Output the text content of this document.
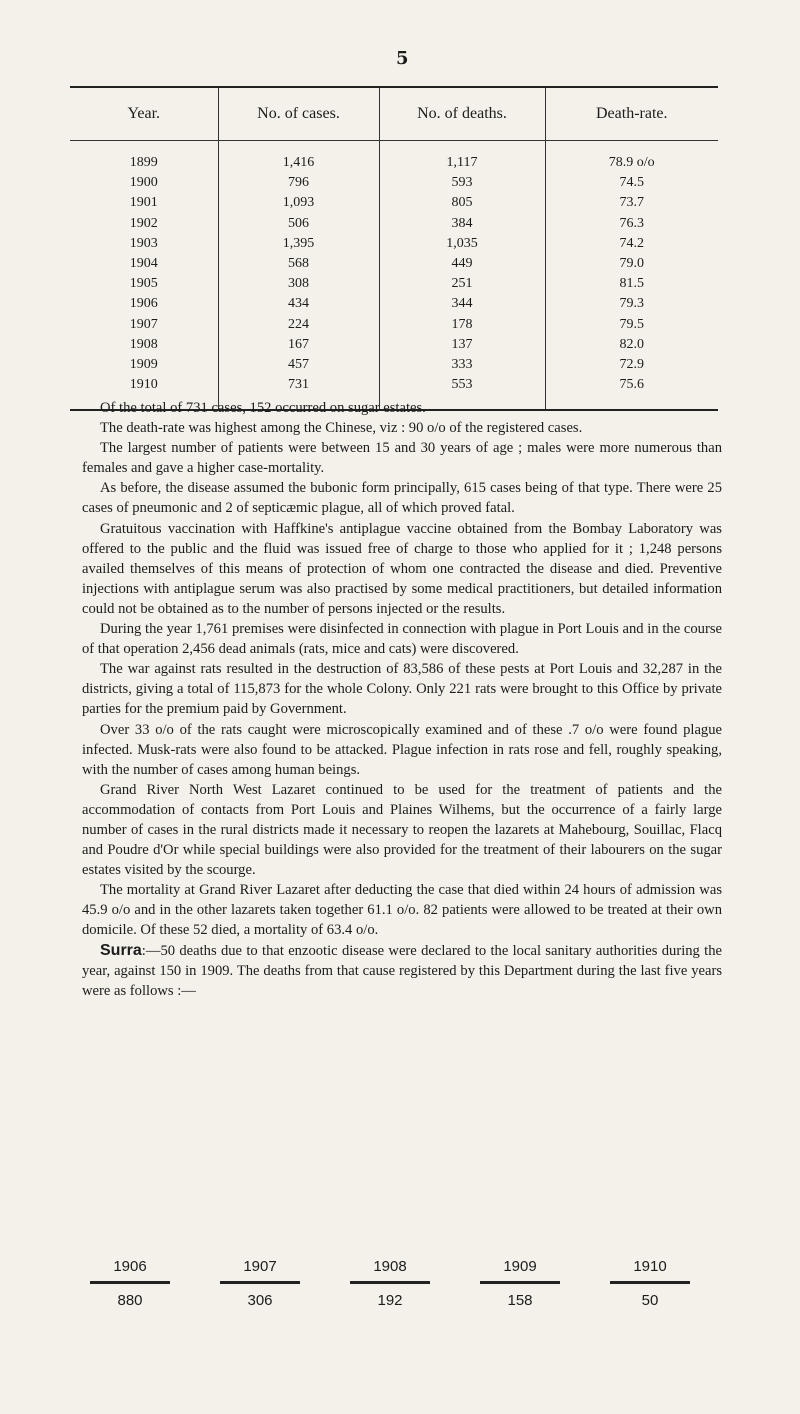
5
Year.	No. of cases.	No. of deaths.	Death-rate.
1899	1,416	1,117	78.9 o/o
1900	796	593	74.5
1901	1,093	805	73.7
1902	506	384	76.3
1903	1,395	1,035	74.2
1904	568	449	79.0
1905	308	251	81.5
1906	434	344	79.3
1907	224	178	79.5
1908	167	137	82.0
1909	457	333	72.9
1910	731	553	75.6

Of the total of 731 cases, 152 occurred on sugar estates.

The death-rate was highest among the Chinese, viz : 90 o/o of the registered cases.

The largest number of patients were between 15 and 30 years of age ; males were more numerous than females and gave a higher case-mortality.

As before, the disease assumed the bubonic form principally, 615 cases being of that type. There were 25 cases of pneumonic and 2 of septicæmic plague, all of which proved fatal.

Gratuitous vaccination with Haffkine's antiplague vaccine obtained from the Bombay Laboratory was offered to the public and the fluid was issued free of charge to those who applied for it ; 1,248 persons availed themselves of this means of protection of whom one contracted the disease and died. Preventive injections with antiplague serum was also practised by some medical practitioners, but detailed information could not be obtained as to the number of persons injected or the results.

During the year 1,761 premises were disinfected in connection with plague in Port Louis and in the course of that operation 2,456 dead animals (rats, mice and cats) were discovered.

The war against rats resulted in the destruction of 83,586 of these pests at Port Louis and 32,287 in the districts, giving a total of 115,873 for the whole Colony. Only 221 rats were brought to this Office by private parties for the premium paid by Government.

Over 33 o/o of the rats caught were microscopically examined and of these .7 o/o were found plague infected. Musk-rats were also found to be attacked. Plague infection in rats rose and fell, roughly speaking, with the number of cases among human beings.

Grand River North West Lazaret continued to be used for the treatment of patients and the accommodation of contacts from Port Louis and Plaines Wilhems, but the occurrence of a fairly large number of cases in the rural districts made it necessary to reopen the lazarets at Mahebourg, Souillac, Flacq and Poudre d'Or while special buildings were also provided for the treatment of their labourers on the sugar estates visited by the scourge.

The mortality at Grand River Lazaret after deducting the case that died within 24 hours of admission was 45.9 o/o and in the other lazarets taken together 61.1 o/o. 82 patients were allowed to be treated at their own domicile. Of these 52 died, a mortality of 63.4 o/o.

Surra:—50 deaths due to that enzootic disease were declared to the local sanitary authorities during the year, against 150 in 1909. The deaths from that cause registered by this Department during the last five years were as follows :—

1906	1907	1908	1909	1910
880	306	192	158	50
